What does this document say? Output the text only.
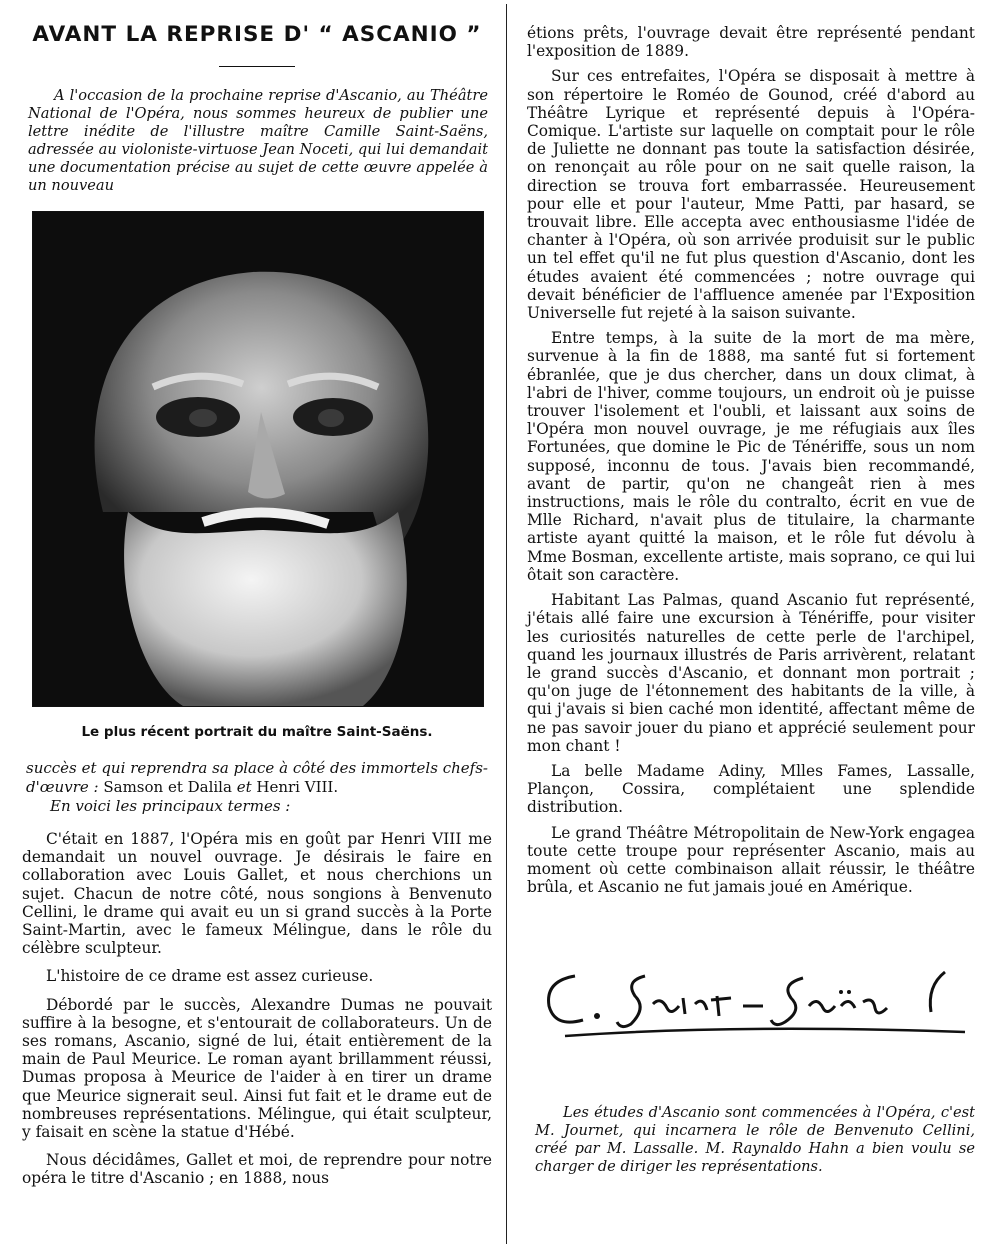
AVANT LA REPRISE D' “ ASCANIO ”

A l'occasion de la prochaine reprise d'Ascanio, au Théâtre National de l'Opéra, nous sommes heureux de publier une lettre inédite de l'illustre maître Camille Saint-Saëns, adressée au violoniste-virtuose Jean Noceti, qui lui demandait une documentation précise au sujet de cette œuvre appelée à un nouveau

Le plus récent portrait du maître Saint-Saëns.

succès et qui reprendra sa place à côté des immortels chefs-d'œuvre : Samson et Dalila et Henri VIII.
En voici les principaux termes :

C'était en 1887, l'Opéra mis en goût par Henri VIII me demandait un nouvel ouvrage. Je désirais le faire en collaboration avec Louis Gallet, et nous cherchions un sujet. Chacun de notre côté, nous songions à Benvenuto Cellini, le drame qui avait eu un si grand succès à la Porte Saint-Martin, avec le fameux Mélingue, dans le rôle du célèbre sculpteur.

L'histoire de ce drame est assez curieuse.

Débordé par le succès, Alexandre Dumas ne pouvait suffire à la besogne, et s'entourait de collaborateurs. Un de ses romans, Ascanio, signé de lui, était entièrement de la main de Paul Meurice. Le roman ayant brillamment réussi, Dumas proposa à Meurice de l'aider à en tirer un drame que Meurice signerait seul. Ainsi fut fait et le drame eut de nombreuses représentations. Mélingue, qui était sculpteur, y faisait en scène la statue d'Hébé.

Nous décidâmes, Gallet et moi, de reprendre pour notre opéra le titre d'Ascanio ; en 1888, nous

étions prêts, l'ouvrage devait être représenté pendant l'exposition de 1889.

Sur ces entrefaites, l'Opéra se disposait à mettre à son répertoire le Roméo de Gounod, créé d'abord au Théâtre Lyrique et représenté depuis à l'Opéra-Comique. L'artiste sur laquelle on comptait pour le rôle de Juliette ne donnant pas toute la satisfaction désirée, on renonçait au rôle pour on ne sait quelle raison, la direction se trouva fort embarrassée. Heureusement pour elle et pour l'auteur, Mme Patti, par hasard, se trouvait libre. Elle accepta avec enthousiasme l'idée de chanter à l'Opéra, où son arrivée produisit sur le public un tel effet qu'il ne fut plus question d'Ascanio, dont les études avaient été commencées ; notre ouvrage qui devait bénéficier de l'affluence amenée par l'Exposition Universelle fut rejeté à la saison suivante.

Entre temps, à la suite de la mort de ma mère, survenue à la fin de 1888, ma santé fut si fortement ébranlée, que je dus chercher, dans un doux climat, à l'abri de l'hiver, comme toujours, un endroit où je puisse trouver l'isolement et l'oubli, et laissant aux soins de l'Opéra mon nouvel ouvrage, je me réfugiais aux îles Fortunées, que domine le Pic de Ténériffe, sous un nom supposé, inconnu de tous. J'avais bien recommandé, avant de partir, qu'on ne changeât rien à mes instructions, mais le rôle du contralto, écrit en vue de Mlle Richard, n'avait plus de titulaire, la charmante artiste ayant quitté la maison, et le rôle fut dévolu à Mme Bosman, excellente artiste, mais soprano, ce qui lui ôtait son caractère.

Habitant Las Palmas, quand Ascanio fut représenté, j'étais allé faire une excursion à Ténériffe, pour visiter les curiosités naturelles de cette perle de l'archipel, quand les journaux illustrés de Paris arrivèrent, relatant le grand succès d'Ascanio, et donnant mon portrait ; qu'on juge de l'étonnement des habitants de la ville, à qui j'avais si bien caché mon identité, affectant même de ne pas savoir jouer du piano et apprécié seulement pour mon chant !

La belle Madame Adiny, Mlles Fames, Lassalle, Plançon, Cossira, complétaient une splendide distribution.

Le grand Théâtre Métropolitain de New-York engagea toute cette troupe pour représenter Ascanio, mais au moment où cette combinaison allait réussir, le théâtre brûla, et Ascanio ne fut jamais joué en Amérique.

Les études d'Ascanio sont commencées à l'Opéra, c'est M. Journet, qui incarnera le rôle de Benvenuto Cellini, créé par M. Lassalle. M. Raynaldo Hahn a bien voulu se charger de diriger les représentations.
